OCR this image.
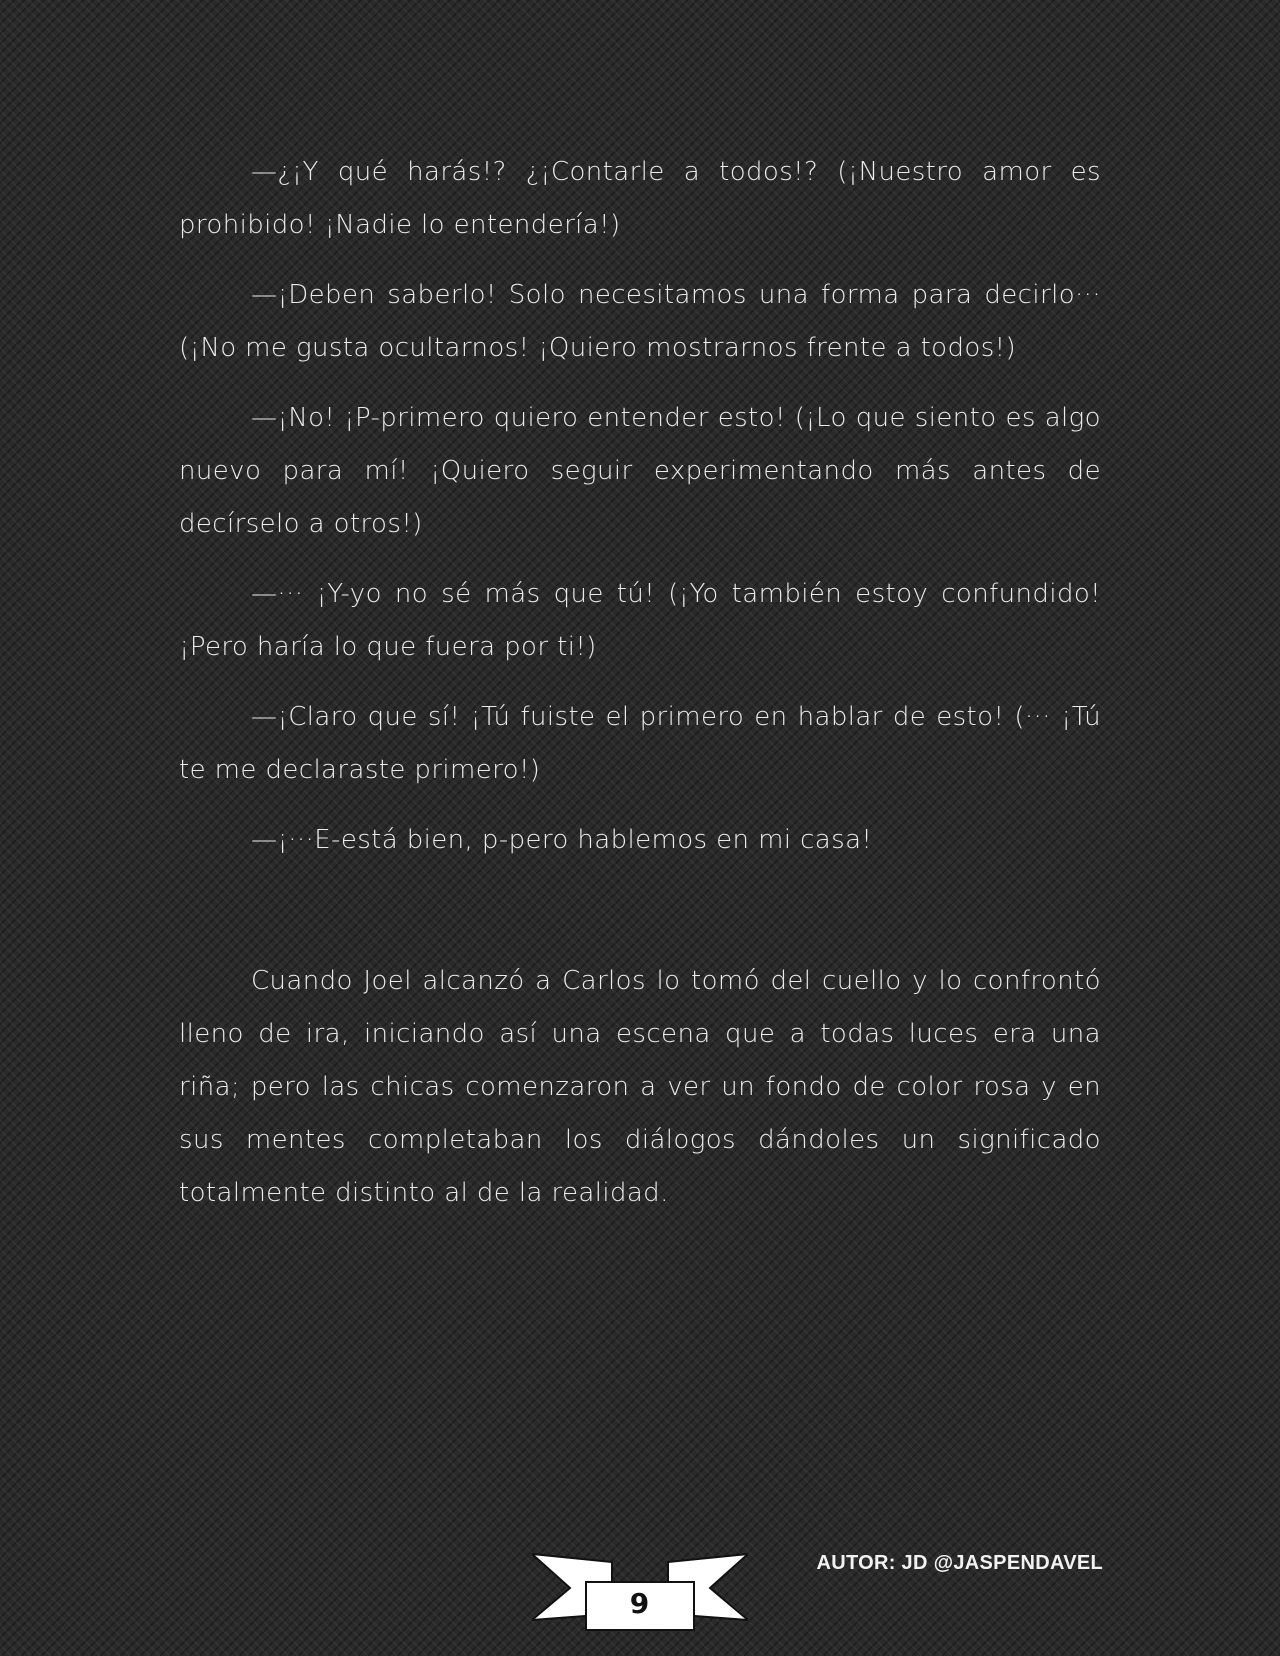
—¿¡Y qué harás!? ¿¡Contarle a todos!? (¡Nuestro amor es prohibido! ¡Nadie lo entendería!)

—¡Deben saberlo! Solo necesitamos una forma para decirlo··· (¡No me gusta ocultarnos! ¡Quiero mostrarnos frente a todos!)

—¡No! ¡P-primero quiero entender esto! (¡Lo que siento es algo nuevo para mí! ¡Quiero seguir experimentando más antes de decírselo a otros!)

—··· ¡Y-yo no sé más que tú! (¡Yo también estoy confundido! ¡Pero haría lo que fuera por ti!)

—¡Claro que sí! ¡Tú fuiste el primero en hablar de esto! (··· ¡Tú te me declaraste primero!)

—¡···E-está bien, p-pero hablemos en mi casa!

Cuando Joel alcanzó a Carlos lo tomó del cuello y lo confrontó lleno de ira, iniciando así una escena que a todas luces era una riña; pero las chicas comenzaron a ver un fondo de color rosa y en sus mentes completaban los diálogos dándoles un significado totalmente distinto al de la realidad.

9
AUTOR: JD @JASPENDAVEL
